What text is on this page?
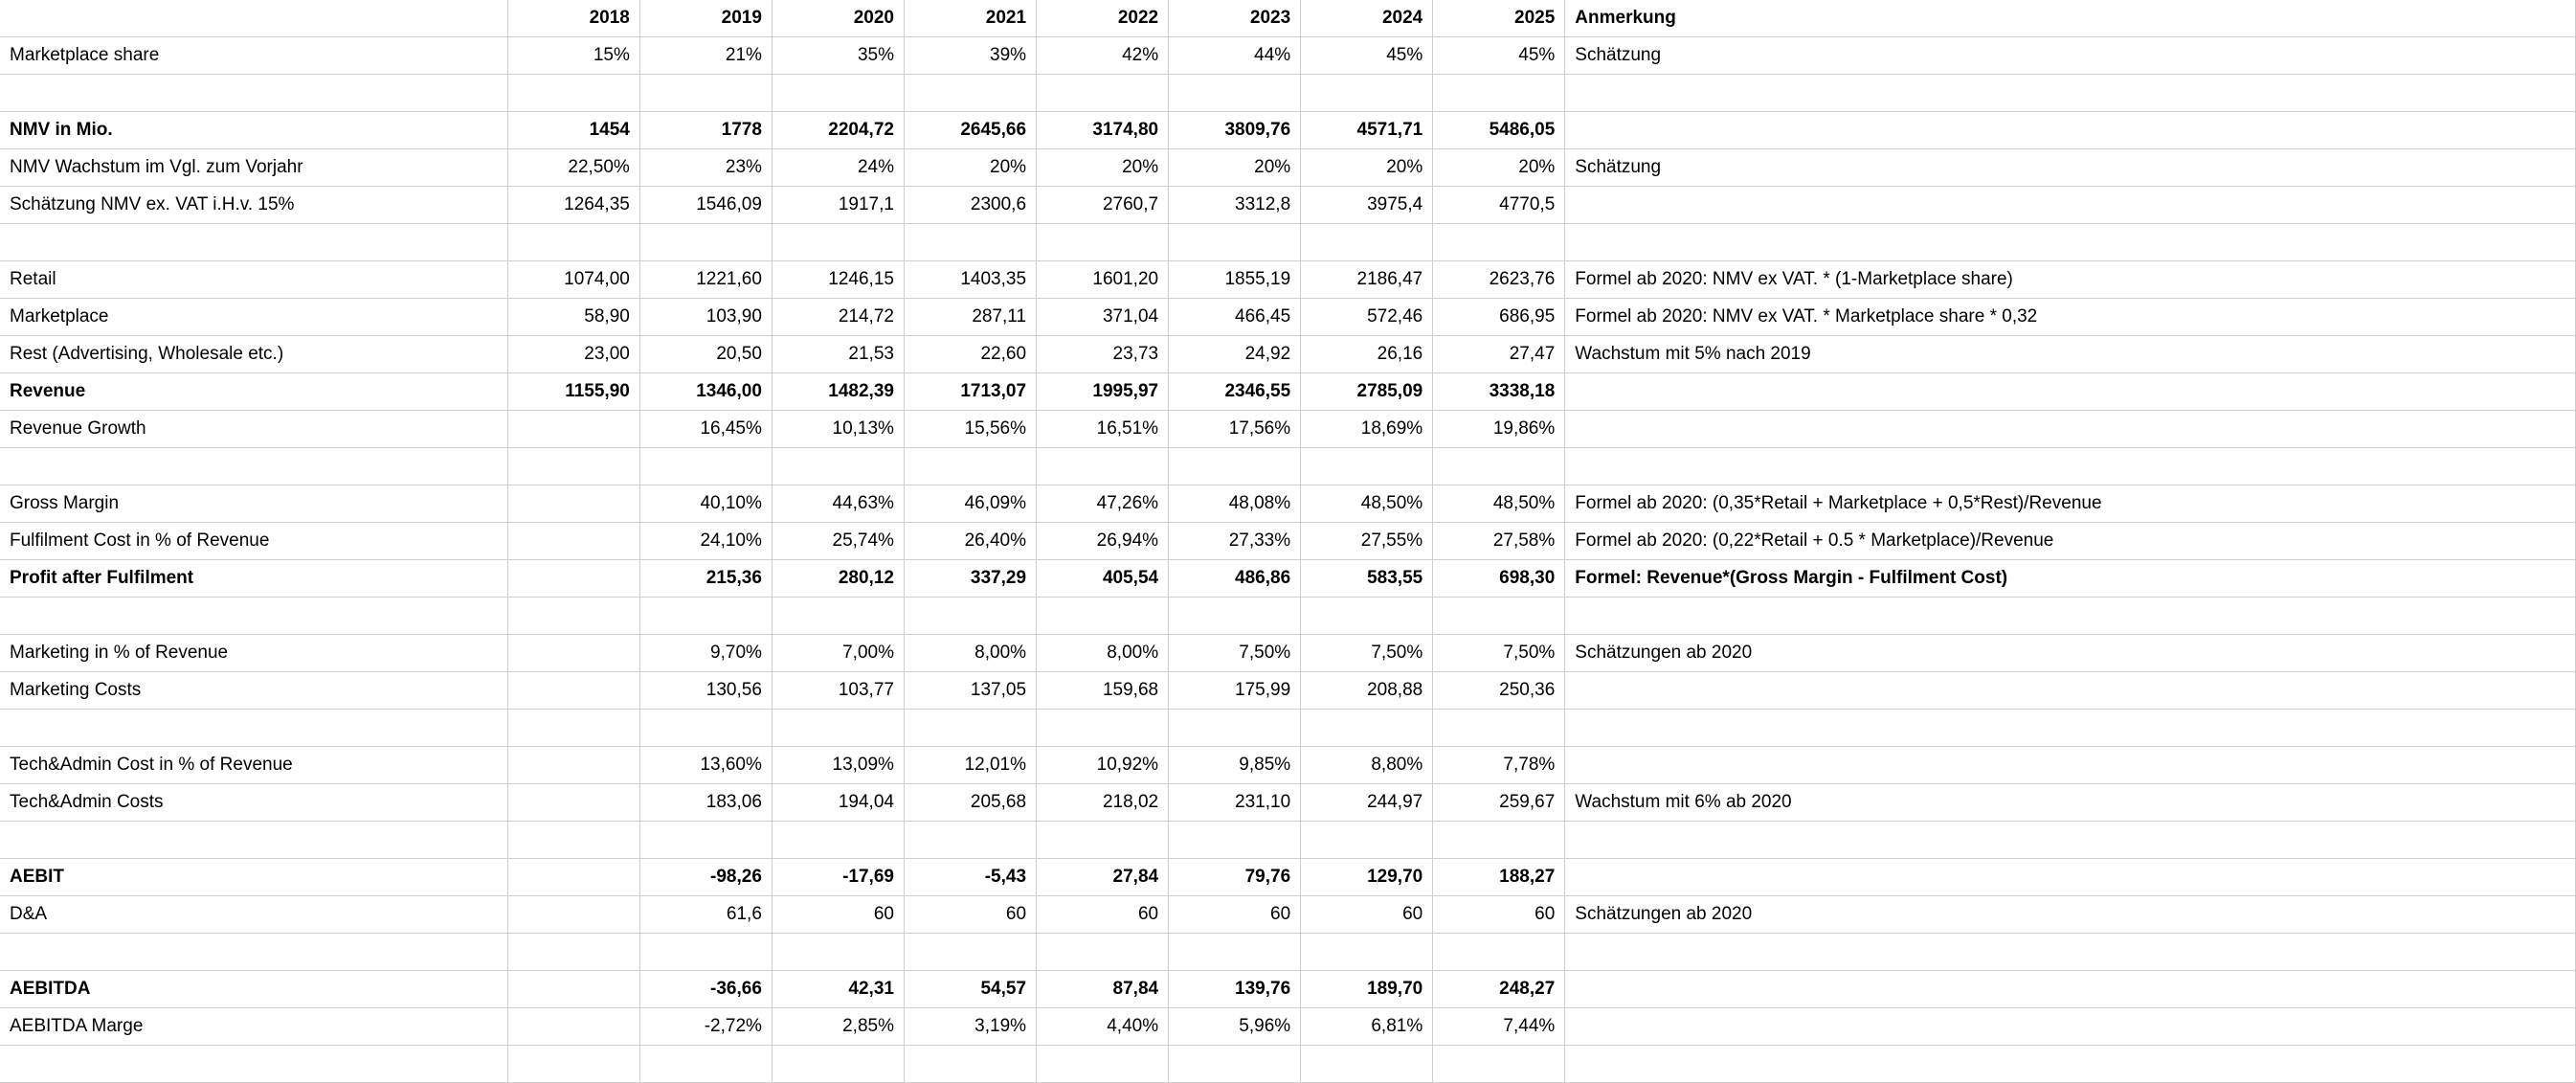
	2018	2019	2020	2021	2022	2023	2024	2025	Anmerkung
Marketplace share	15%	21%	35%	39%	42%	44%	45%	45%	Schätzung

NMV in Mio.	1454	1778	2204,72	2645,66	3174,80	3809,76	4571,71	5486,05	
NMV Wachstum im Vgl. zum Vorjahr	22,50%	23%	24%	20%	20%	20%	20%	20%	Schätzung
Schätzung NMV ex. VAT i.H.v. 15%	1264,35	1546,09	1917,1	2300,6	2760,7	3312,8	3975,4	4770,5	

Retail	1074,00	1221,60	1246,15	1403,35	1601,20	1855,19	2186,47	2623,76	Formel ab 2020: NMV ex VAT. * (1-Marketplace share)
Marketplace	58,90	103,90	214,72	287,11	371,04	466,45	572,46	686,95	Formel ab 2020: NMV ex VAT. * Marketplace share * 0,32
Rest (Advertising, Wholesale etc.)	23,00	20,50	21,53	22,60	23,73	24,92	26,16	27,47	Wachstum mit 5% nach 2019
Revenue	1155,90	1346,00	1482,39	1713,07	1995,97	2346,55	2785,09	3338,18	
Revenue Growth		16,45%	10,13%	15,56%	16,51%	17,56%	18,69%	19,86%	

Gross Margin		40,10%	44,63%	46,09%	47,26%	48,08%	48,50%	48,50%	Formel ab 2020: (0,35*Retail + Marketplace + 0,5*Rest)/Revenue
Fulfilment Cost in % of Revenue		24,10%	25,74%	26,40%	26,94%	27,33%	27,55%	27,58%	Formel ab 2020: (0,22*Retail + 0.5 * Marketplace)/Revenue
Profit after Fulfilment		215,36	280,12	337,29	405,54	486,86	583,55	698,30	Formel: Revenue*(Gross Margin - Fulfilment Cost)

Marketing in % of Revenue		9,70%	7,00%	8,00%	8,00%	7,50%	7,50%	7,50%	Schätzungen ab 2020
Marketing Costs		130,56	103,77	137,05	159,68	175,99	208,88	250,36	

Tech&Admin Cost in % of Revenue		13,60%	13,09%	12,01%	10,92%	9,85%	8,80%	7,78%	
Tech&Admin Costs		183,06	194,04	205,68	218,02	231,10	244,97	259,67	Wachstum mit 6% ab 2020

AEBIT		-98,26	-17,69	-5,43	27,84	79,76	129,70	188,27	
D&A		61,6	60	60	60	60	60	60	Schätzungen ab 2020

AEBITDA		-36,66	42,31	54,57	87,84	139,76	189,70	248,27	
AEBITDA Marge		-2,72%	2,85%	3,19%	4,40%	5,96%	6,81%	7,44%	
